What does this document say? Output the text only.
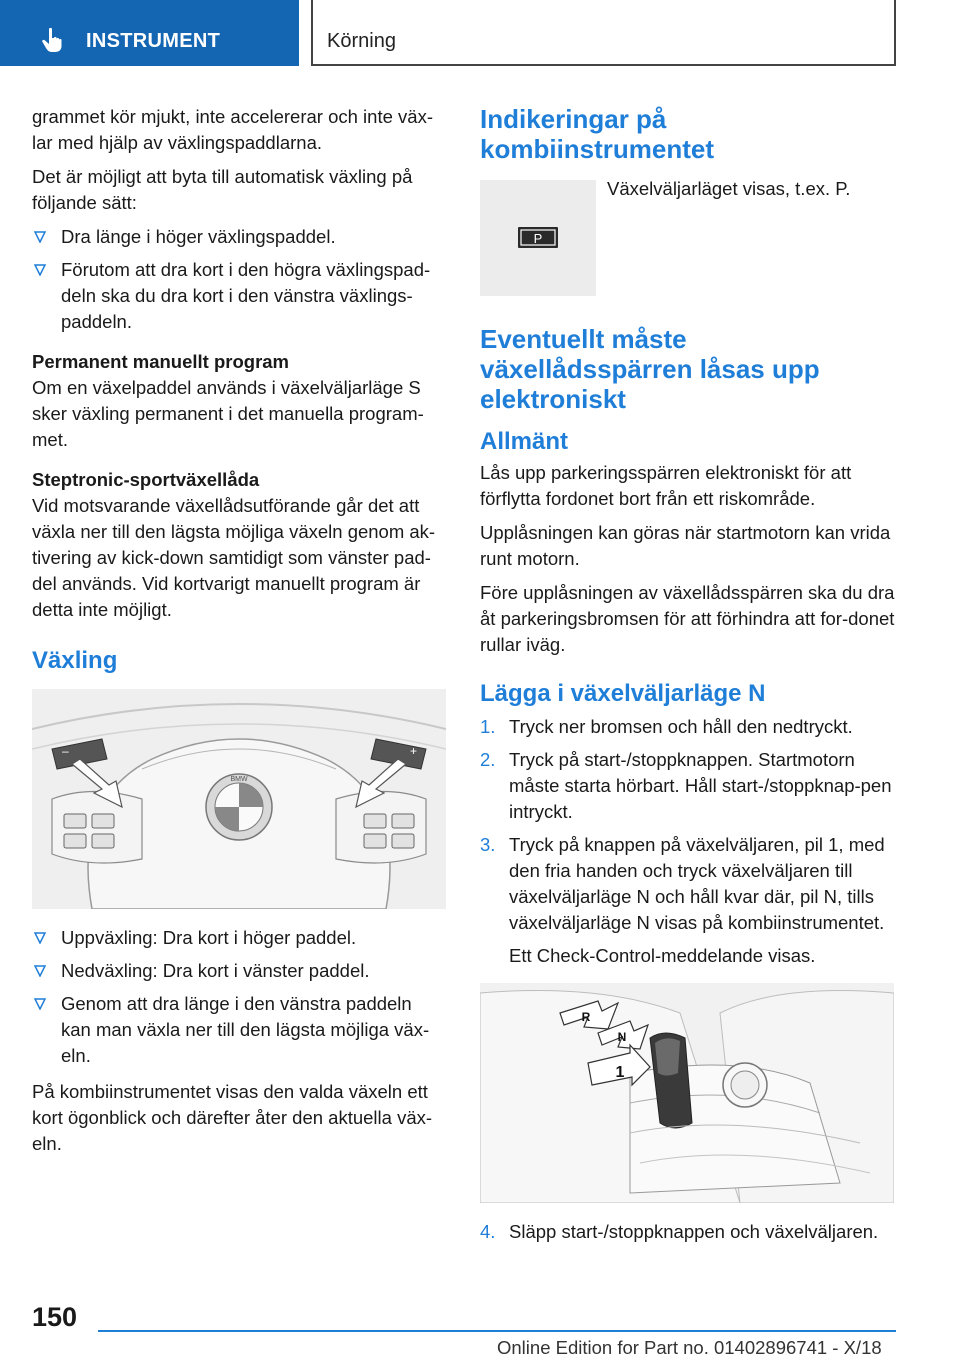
INSTRUMENT	Körning

grammet kör mjukt, inte accelererar och inte väx-lar med hjälp av växlingspaddlarna.

Det är möjligt att byta till automatisk växling på följande sätt:

Dra länge i höger växlingspaddel.
Förutom att dra kort i den högra växlingspad-deln ska du dra kort i den vänstra växlings-paddeln.
Permanent manuellt program

Om en växelpaddel används i växelväljarläge S sker växling permanent i det manuella program-met.

Steptronic-sportväxellåda

Vid motsvarande växellådsutförande går det att växla ner till den lägsta möjliga växeln genom ak-tivering av kick-down samtidigt som vänster pad-del används. Vid kortvarigt manuellt program är detta inte möjligt.

Växling
–	+
BMW
Uppväxling: Dra kort i höger paddel.
Nedväxling: Dra kort i vänster paddel.
Genom att dra länge i den vänstra paddeln kan man växla ner till den lägsta möjliga väx-eln.

På kombiinstrumentet visas den valda växeln ett kort ögonblick och därefter åter den aktuella väx-eln.

Indikeringar på kombiinstrumentet
P

Växelväljarläget visas, t.ex. P.

Eventuellt måste växellådsspärren låsas upp elektroniskt
Allmänt

Lås upp parkeringsspärren elektroniskt för att förflytta fordonet bort från ett riskområde.

Upplåsningen kan göras när startmotorn kan vrida runt motorn.

Före upplåsningen av växellådsspärren ska du dra åt parkeringsbromsen för att förhindra att for-donet rullar iväg.

Lägga i växelväljarläge N
1. Tryck ner bromsen och håll den nedtryckt.
2. Tryck på start-/stoppknappen. Startmotorn måste starta hörbart. Håll start-/stoppknap-pen intryckt.
3. Tryck på knappen på växelväljaren, pil 1, med den fria handen och tryck växelväljaren till växelväljarläge N och håll kvar där, pil N, tills växelväljarläge N visas på kombiinstrumentet.
Ett Check-Control-meddelande visas.
R
N
1
4. Släpp start-/stoppknappen och växelväljaren.
150
Online Edition for Part no. 01402896741 - X/18
